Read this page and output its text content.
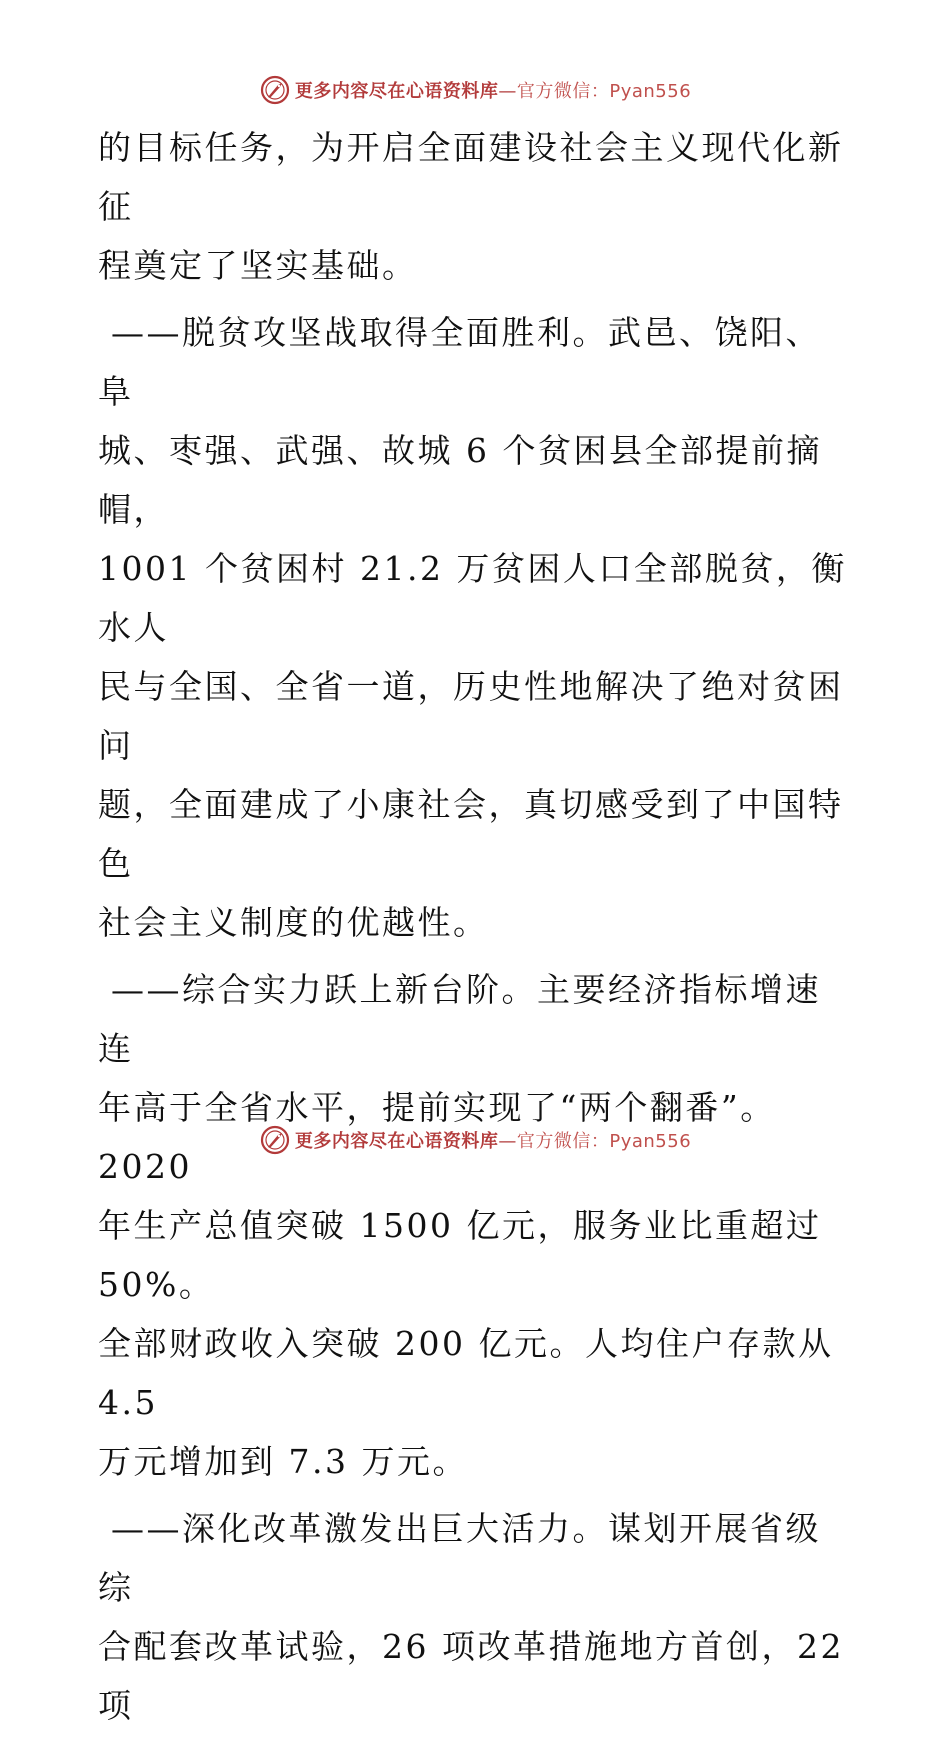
更多内容尽在心语资料库—官方微信：Pyan556

的目标任务，为开启全面建设社会主义现代化新征
程奠定了坚实基础。

——脱贫攻坚战取得全面胜利。武邑、饶阳、阜
城、枣强、武强、故城 6 个贫困县全部提前摘帽，
1001 个贫困村 21.2 万贫困人口全部脱贫，衡水人
民与全国、全省一道，历史性地解决了绝对贫困问
题，全面建成了小康社会，真切感受到了中国特色
社会主义制度的优越性。

——综合实力跃上新台阶。主要经济指标增速连
年高于全省水平，提前实现了“两个翻番”。2020
年生产总值突破 1500 亿元，服务业比重超过 50%。
全部财政收入突破 200 亿元。人均住户存款从 4.5
万元增加到 7.3 万元。

——深化改革激发出巨大活力。谋划开展省级综
合配套改革试验，26 项改革措施地方首创，22 项

更多内容尽在心语资料库—官方微信：Pyan556
